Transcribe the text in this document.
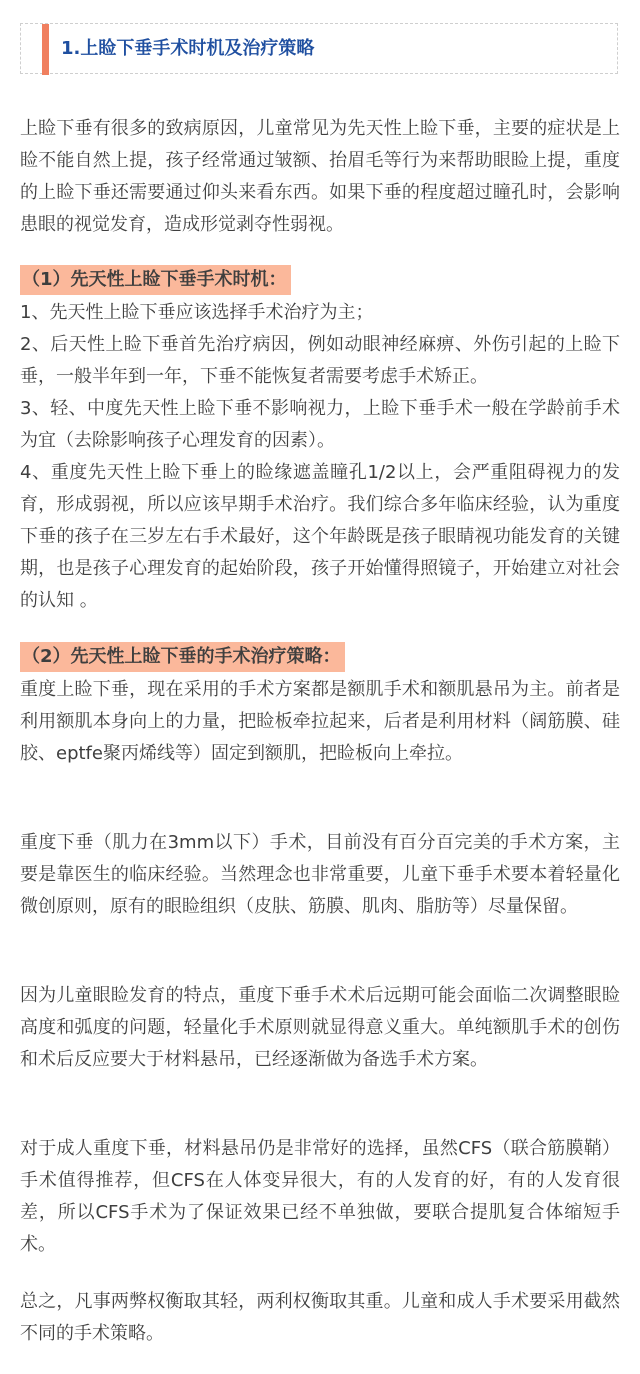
1.上睑下垂手术时机及治疗策略

上睑下垂有很多的致病原因，儿童常见为先天性上睑下垂，主要的症状是上睑不能自然上提，孩子经常通过皱额、抬眉毛等行为来帮助眼睑上提，重度的上睑下垂还需要通过仰头来看东西。如果下垂的程度超过瞳孔时，会影响患眼的视觉发育，造成形觉剥夺性弱视。

（1）先天性上睑下垂手术时机：

1、先天性上睑下垂应该选择手术治疗为主；

2、后天性上睑下垂首先治疗病因，例如动眼神经麻痹、外伤引起的上睑下垂，一般半年到一年，下垂不能恢复者需要考虑手术矫正。

3、轻、中度先天性上睑下垂不影响视力，上睑下垂手术一般在学龄前手术为宜（去除影响孩子心理发育的因素）。

4、重度先天性上睑下垂上的睑缘遮盖瞳孔1/2以上，会严重阻碍视力的发育，形成弱视，所以应该早期手术治疗。我们综合多年临床经验，认为重度下垂的孩子在三岁左右手术最好，这个年龄既是孩子眼睛视功能发育的关键期，也是孩子心理发育的起始阶段，孩子开始懂得照镜子，开始建立对社会的认知 。

（2）先天性上睑下垂的手术治疗策略：

重度上睑下垂，现在采用的手术方案都是额肌手术和额肌悬吊为主。前者是利用额肌本身向上的力量，把睑板牵拉起来，后者是利用材料（阔筋膜、硅胶、eptfe聚丙烯线等）固定到额肌，把睑板向上牵拉。

重度下垂（肌力在3mm以下）手术，目前没有百分百完美的手术方案，主要是靠医生的临床经验。当然理念也非常重要，儿童下垂手术要本着轻量化微创原则，原有的眼睑组织（皮肤、筋膜、肌肉、脂肪等）尽量保留。

因为儿童眼睑发育的特点，重度下垂手术术后远期可能会面临二次调整眼睑高度和弧度的问题，轻量化手术原则就显得意义重大。单纯额肌手术的创伤和术后反应要大于材料悬吊，已经逐渐做为备选手术方案。

对于成人重度下垂，材料悬吊仍是非常好的选择，虽然CFS（联合筋膜鞘）手术值得推荐，但CFS在人体变异很大，有的人发育的好，有的人发育很差，所以CFS手术为了保证效果已经不单独做，要联合提肌复合体缩短手术。

总之，凡事两弊权衡取其轻，两利权衡取其重。儿童和成人手术要采用截然不同的手术策略。
